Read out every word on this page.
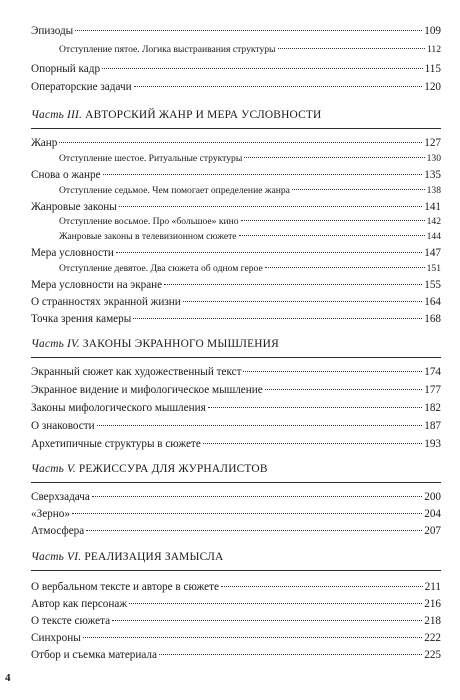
Эпизоды	109
Отступление пятое. Логика выстраивания структуры	112
Опорный кадр	115
Операторские задачи	120
Часть III. АВТОРСКИЙ ЖАНР И МЕРА УСЛОВНОСТИ
Жанр	127
Отступление шестое. Ритуальные структуры	130
Снова о жанре	135
Отступление седьмое. Чем помогает определение жанра	138
Жанровые законы	141
Отступление восьмое. Про «большое» кино	142
Жанровые законы в телевизионном сюжете	144
Мера условности	147
Отступление девятое. Два сюжета об одном герое	151
Мера условности на экране	155
О странностях экранной жизни	164
Точка зрения камеры	168
Часть IV. ЗАКОНЫ ЭКРАННОГО МЫШЛЕНИЯ
Экранный сюжет как художественный текст	174
Экранное видение и мифологическое мышление	177
Законы мифологического мышления	182
О знаковости	187
Архетипичные структуры в сюжете	193
Часть V. РЕЖИССУРА ДЛЯ ЖУРНАЛИСТОВ
Сверхзадача	200
«Зерно»	204
Атмосфера	207
Часть VI. РЕАЛИЗАЦИЯ ЗАМЫСЛА
О вербальном тексте и авторе в сюжете	211
Автор как персонаж	216
О тексте сюжета	218
Синхроны	222
Отбор и съемка материала	225
4
